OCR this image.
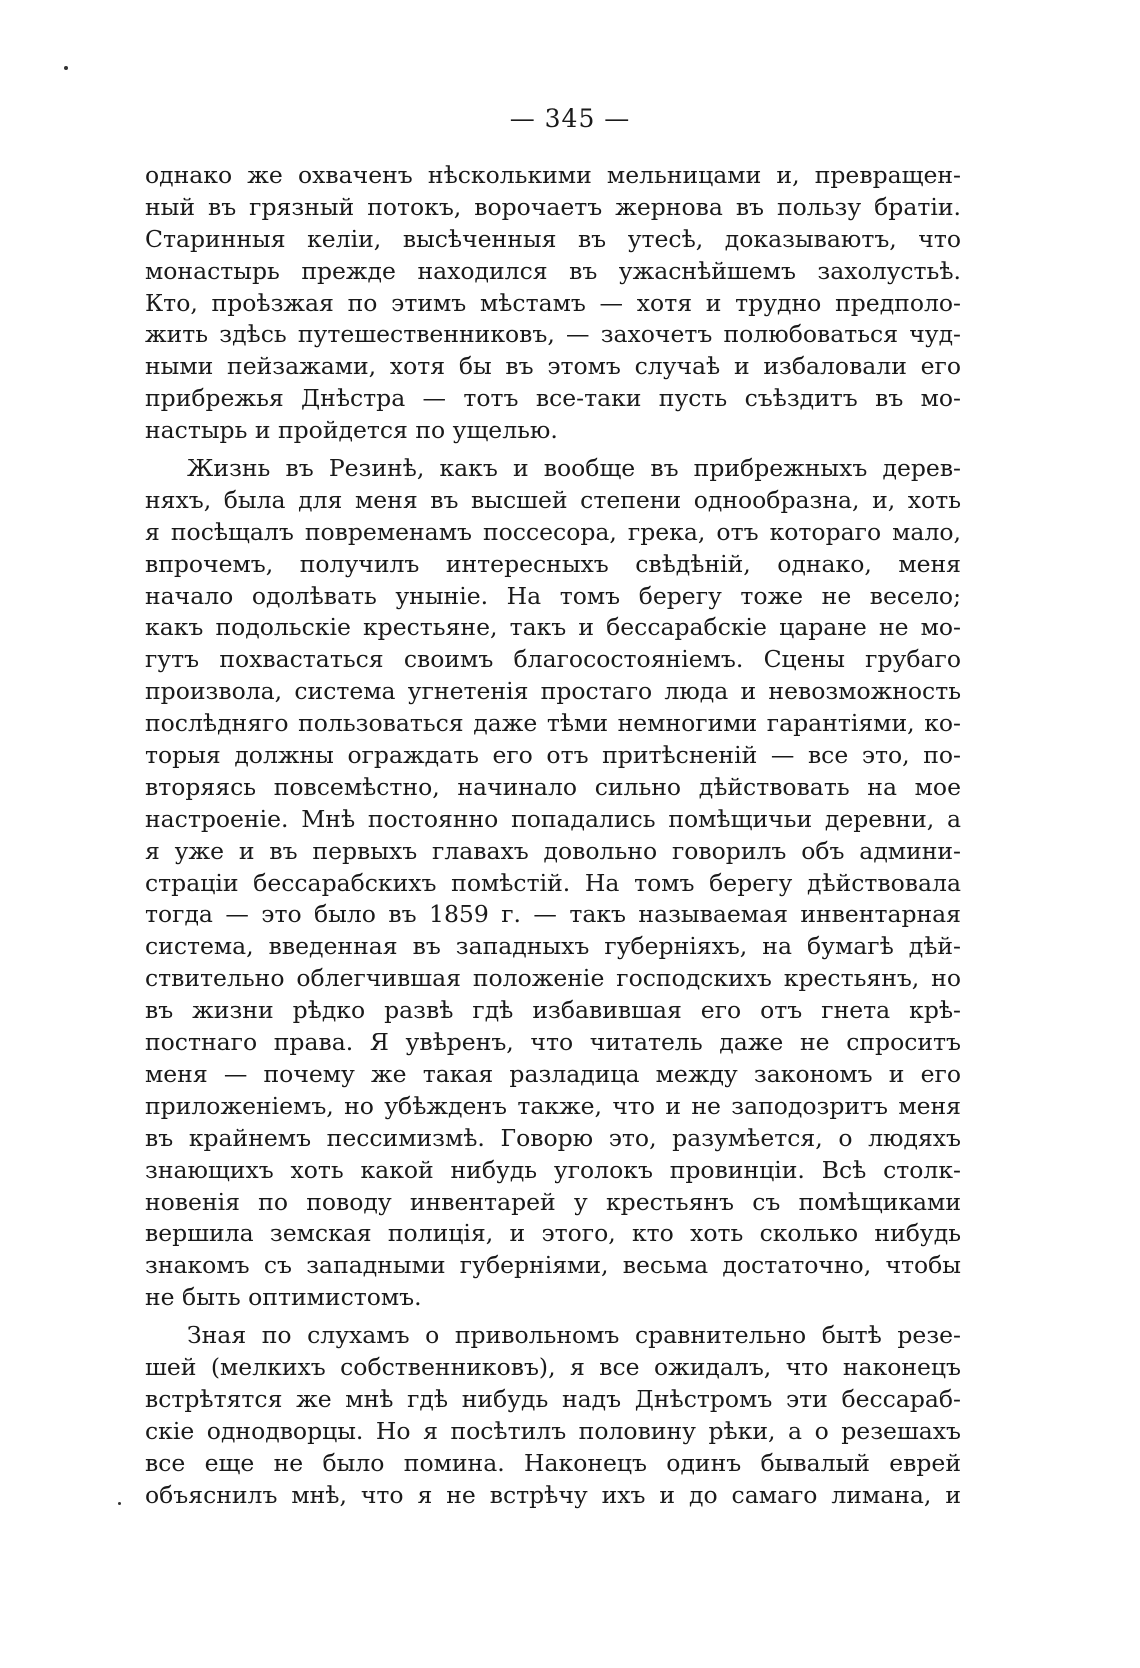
— 345 —
однако же охваченъ нѣсколькими мельницами и, превращен-
ный въ грязный потокъ, ворочаетъ жернова въ пользу братіи.
Старинныя келіи, высѣченныя въ утесѣ, доказываютъ, что
монастырь прежде находился въ ужаснѣйшемъ захолустьѣ.
Кто, проѣзжая по этимъ мѣстамъ — хотя и трудно предполо-
жить здѣсь путешественниковъ, — захочетъ полюбоваться чуд-
ными пейзажами, хотя бы въ этомъ случаѣ и избаловали его
прибрежья Днѣстра — тотъ все-таки пусть съѣздитъ въ мо-
настырь и пройдется по ущелью.
Жизнь въ Резинѣ, какъ и вообще въ прибрежныхъ дерев-
няхъ, была для меня въ высшей степени однообразна, и, хоть
я посѣщалъ повременамъ поссесора, грека, отъ котораго мало,
впрочемъ, получилъ интересныхъ свѣдѣній, однако, меня
начало одолѣвать уныніе. На томъ берегу тоже не весело;
какъ подольскіе крестьяне, такъ и бессарабскіе царане не мо-
гутъ похвастаться своимъ благосостояніемъ. Сцены грубаго
произвола, система угнетенія простаго люда и невозможность
послѣдняго пользоваться даже тѣми немногими гарантіями, ко-
торыя должны ограждать его отъ притѣсненій — все это, по-
вторяясь повсемѣстно, начинало сильно дѣйствовать на мое
настроеніе. Мнѣ постоянно попадались помѣщичьи деревни, а
я уже и въ первыхъ главахъ довольно говорилъ объ админи-
страціи бессарабскихъ помѣстій. На томъ берегу дѣйствовала
тогда — это было въ 1859 г. — такъ называемая инвентарная
система, введенная въ западныхъ губерніяхъ, на бумагѣ дѣй-
ствительно облегчившая положеніе господскихъ крестьянъ, но
въ жизни рѣдко развѣ гдѣ избавившая его отъ гнета крѣ-
постнаго права. Я увѣренъ, что читатель даже не спроситъ
меня — почему же такая разладица между закономъ и его
приложеніемъ, но убѣжденъ также, что и не заподозритъ меня
въ крайнемъ пессимизмѣ. Говорю это, разумѣется, о людяхъ
знающихъ хоть какой нибудь уголокъ провинціи. Всѣ столк-
новенія по поводу инвентарей у крестьянъ съ помѣщиками
вершила земская полиція, и этого, кто хоть сколько нибудь
знакомъ съ западными губерніями, весьма достаточно, чтобы
не быть оптимистомъ.
Зная по слухамъ о привольномъ сравнительно бытѣ резе-
шей (мелкихъ собственниковъ), я все ожидалъ, что наконецъ
встрѣтятся же мнѣ гдѣ нибудь надъ Днѣстромъ эти бессараб-
скіе однодворцы. Но я посѣтилъ половину рѣки, а о резешахъ
все еще не было помина. Наконецъ одинъ бывалый еврей
объяснилъ мнѣ, что я не встрѣчу ихъ и до самаго лимана, и
